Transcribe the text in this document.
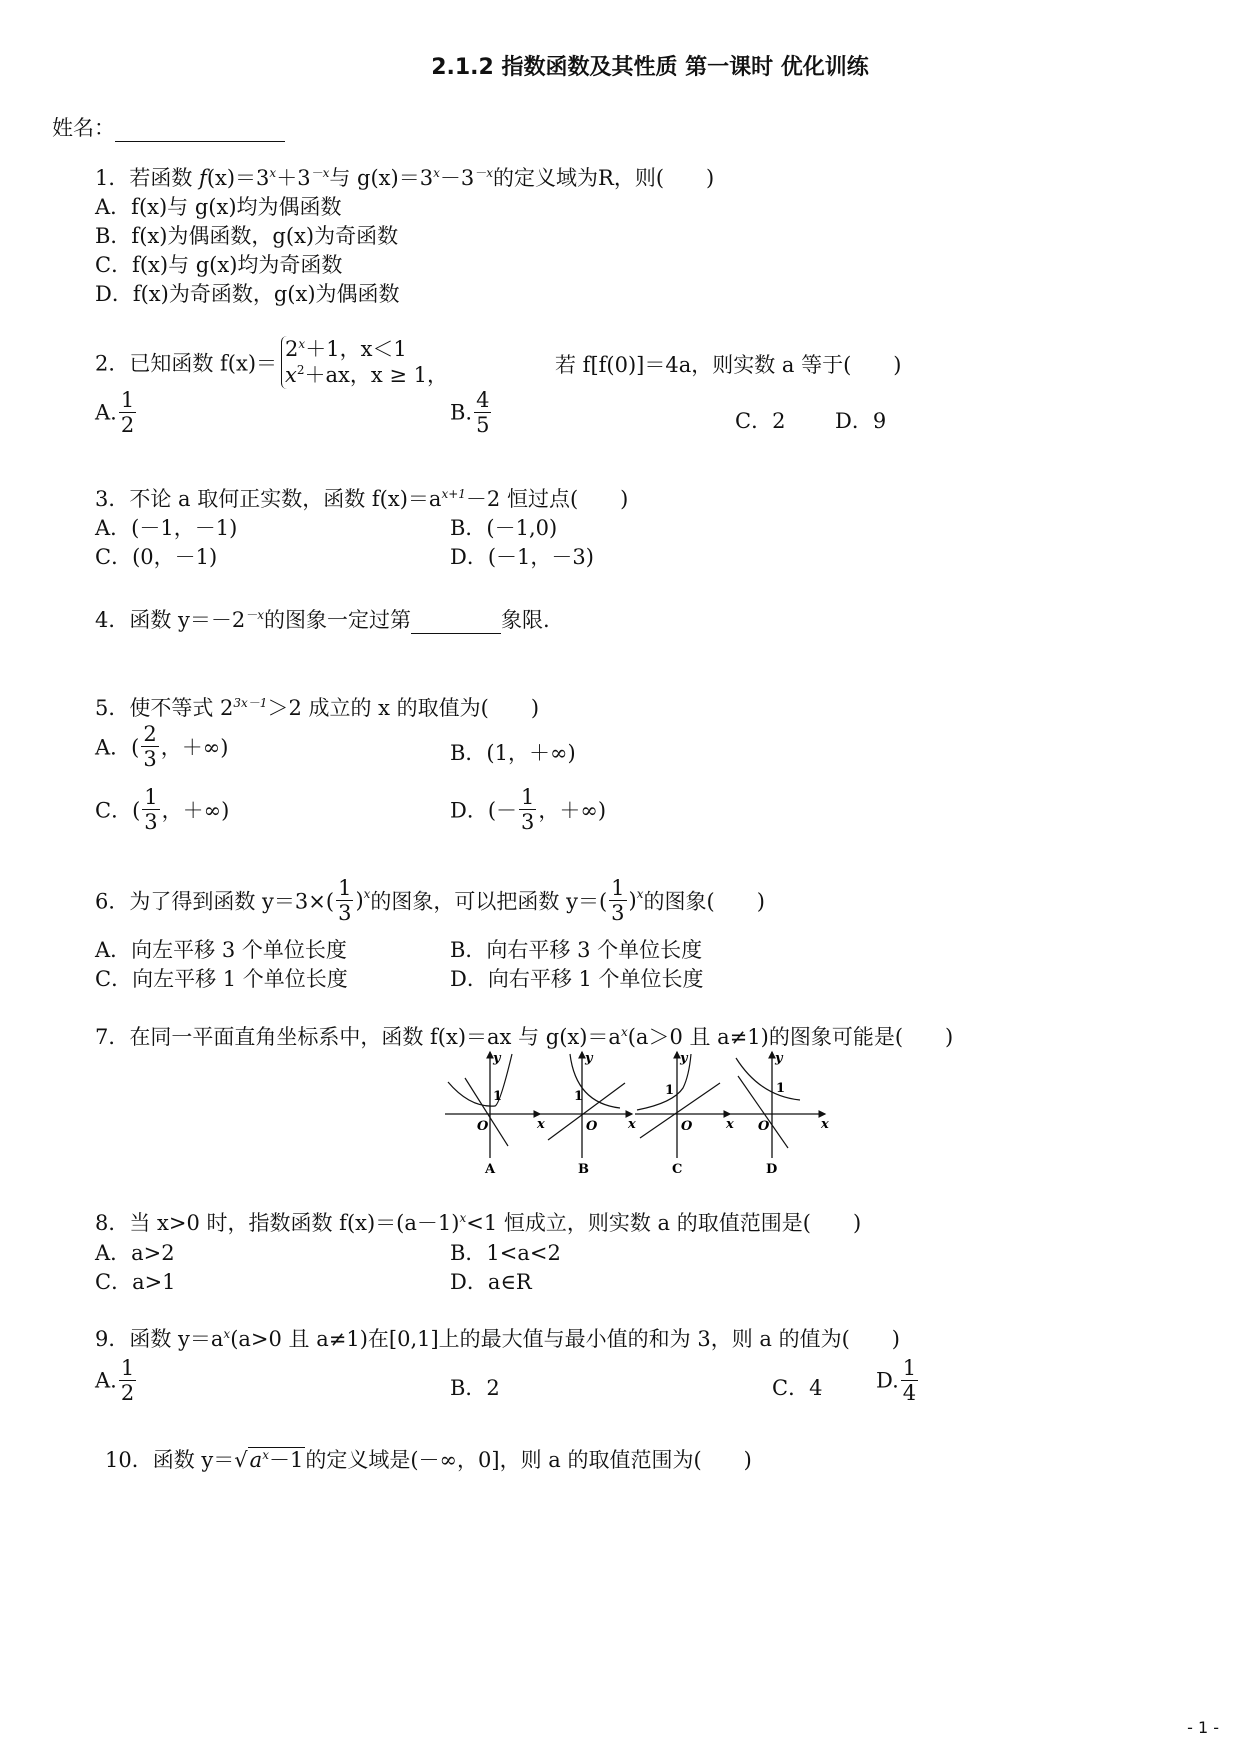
2.1.2 指数函数及其性质 第一课时 优化训练
姓名：
1．若函数 $f(x)=3^x+3^{-x}$与 $g(x)=3^x-3^{-x}$的定义域为R，则(　　)
A．f(x)与 g(x)均为偶函数
B．f(x)为偶函数，g(x)为奇函数
C．f(x)与 g(x)均为奇函数
D．f(x)为奇函数，g(x)为偶函数
2．已知函数 f(x)＝
$2^x+1$，x＜1
$x^2+ax$，x ≥ 1，	若 f[f(0)]＝4a，则实数 a 等于(　　)
A. $\frac{1}{2}$	B. $\frac{4}{5}$	C．2 D．9
3．不论 a 取何正实数，函数 $f(x)=a^{x+1}-2$ 恒过点(　　)
A．(－1，－1)	B．(－1,0)
C．(0，－1)	D．(－1，－3)
4．函数 $y=-2^{-x}$的图象一定过第	象限.
5．使不等式 $2^{3x-1}>2$ 成立的 x 的取值为(　　)
A．( $\frac{2}{3}$ ，＋∞)	B．(1，＋∞)
C．( $\frac{1}{3}$ ，＋∞)	D．(－ $\frac{1}{3}$ ，＋∞)
6．为了得到函数 $y=3\times( \frac{1}{3} )^x$的图象，可以把函数 $y=( \frac{1}{3} )^x$的图象(　　)
A．向左平移 3 个单位长度	B．向右平移 3 个单位长度
C．向左平移 1 个单位长度	D．向右平移 1 个单位长度
7．在同一平面直角坐标系中，函数 f(x)＝ax 与 $g(x)=a^x(a>0$ 且 a≠1)的图象可能是(　　)
y
x
O
1
A
y
x
O
1
B
y
x
O
1
C
y
x
O
1
D
8．当 x>0 时，指数函数 $f(x)=(a-1)^x<1$ 恒成立，则实数 a 的取值范围是(　　)
A．a>2	B．1<a<2
C．a>1	D．a∈R
9．函数 $y=a^x(a>0$ 且 a≠1)在[0,1]上的最大值与最小值的和为 3，则 a 的值为(　　)
A. $\frac{1}{2}$	B．2	C．4	D. $\frac{1}{4}$
10．函数 $y=√a^x-1$的定义域是(－∞，0]，则 a 的取值范围为(　　)
- 1 -
